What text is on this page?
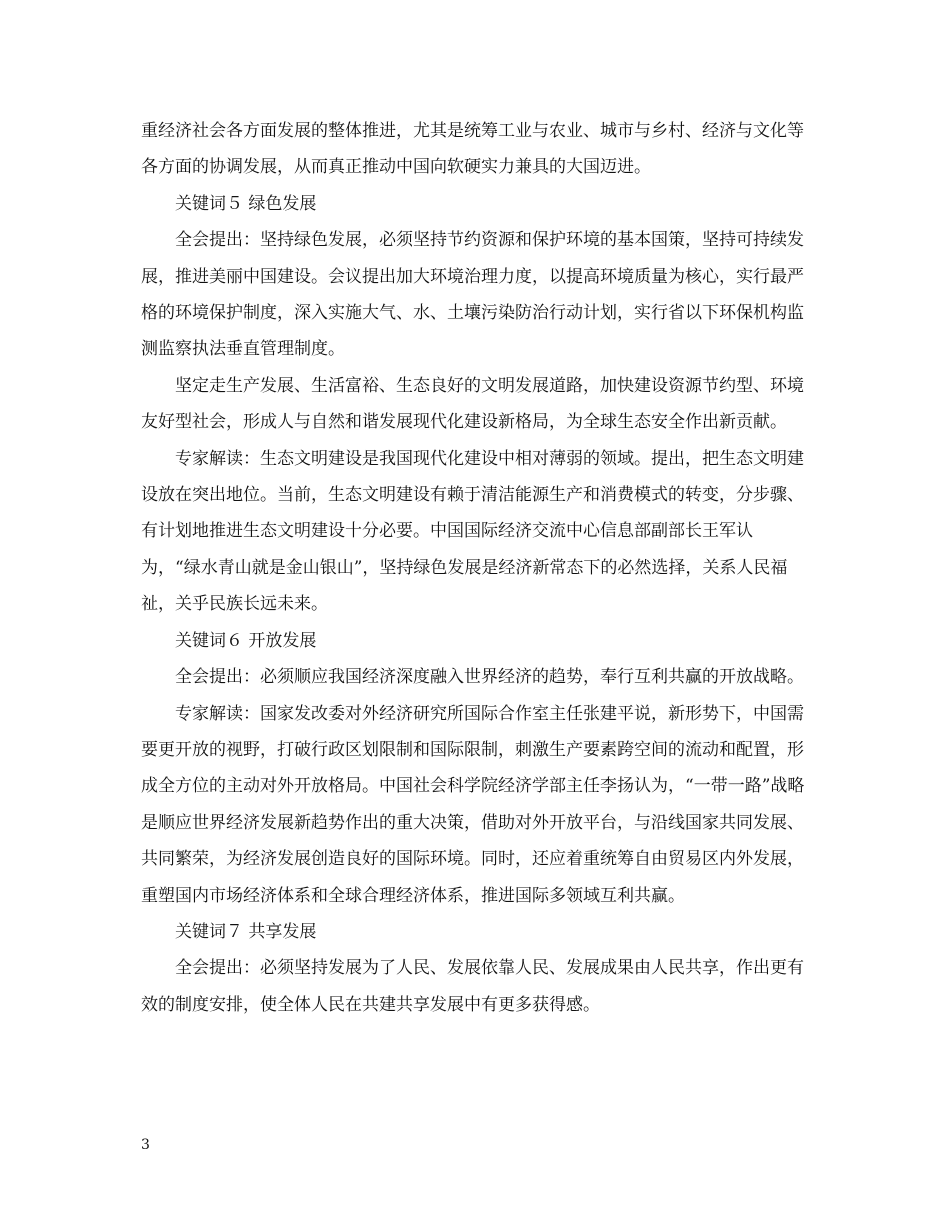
重经济社会各方面发展的整体推进，尤其是统筹工业与农业、城市与乡村、经济与文化等各方面的协调发展，从而真正推动中国向软硬实力兼具的大国迈进。

关键词５ 绿色发展

全会提出：坚持绿色发展，必须坚持节约资源和保护环境的基本国策，坚持可持续发展，推进美丽中国建设。会议提出加大环境治理力度，以提高环境质量为核心，实行最严格的环境保护制度，深入实施大气、水、土壤污染防治行动计划，实行省以下环保机构监测监察执法垂直管理制度。

坚定走生产发展、生活富裕、生态良好的文明发展道路，加快建设资源节约型、环境友好型社会，形成人与自然和谐发展现代化建设新格局，为全球生态安全作出新贡献。

专家解读：生态文明建设是我国现代化建设中相对薄弱的领域。提出，把生态文明建设放在突出地位。当前，生态文明建设有赖于清洁能源生产和消费模式的转变，分步骤、有计划地推进生态文明建设十分必要。中国国际经济交流中心信息部副部长王军认为，“绿水青山就是金山银山”，坚持绿色发展是经济新常态下的必然选择，关系人民福祉，关乎民族长远未来。

关键词６ 开放发展

全会提出：必须顺应我国经济深度融入世界经济的趋势，奉行互利共赢的开放战略。

专家解读：国家发改委对外经济研究所国际合作室主任张建平说，新形势下，中国需要更开放的视野，打破行政区划限制和国际限制，刺激生产要素跨空间的流动和配置，形成全方位的主动对外开放格局。中国社会科学院经济学部主任李扬认为，“一带一路”战略是顺应世界经济发展新趋势作出的重大决策，借助对外开放平台，与沿线国家共同发展、共同繁荣，为经济发展创造良好的国际环境。同时，还应着重统筹自由贸易区内外发展，重塑国内市场经济体系和全球合理经济体系，推进国际多领域互利共赢。

关键词７ 共享发展

全会提出：必须坚持发展为了人民、发展依靠人民、发展成果由人民共享，作出更有效的制度安排，使全体人民在共建共享发展中有更多获得感。

3
